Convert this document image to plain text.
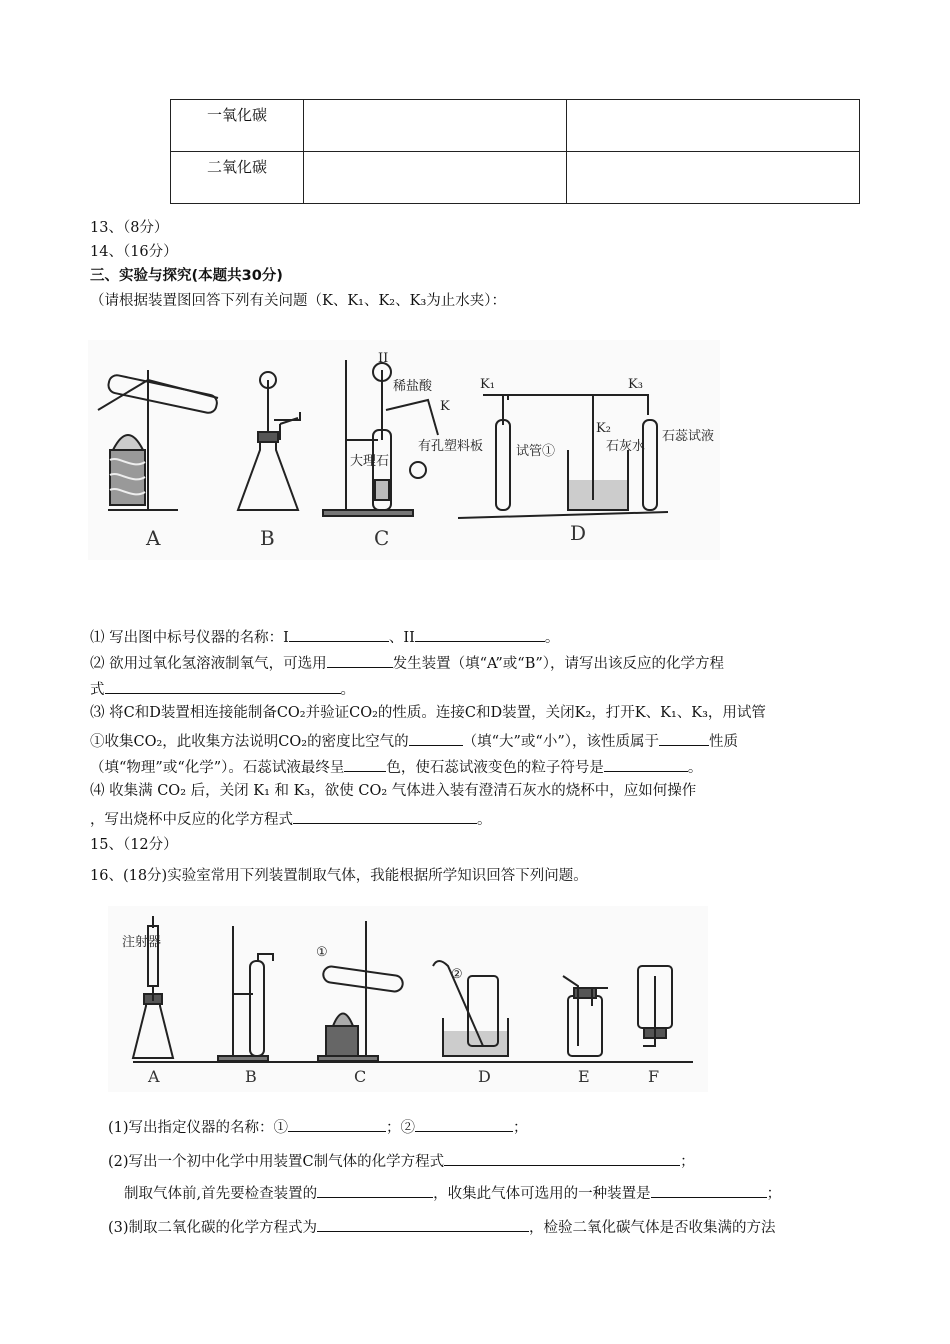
一氧化碳		
二氧化碳		
13、（8分）
14、（16分）
三、实验与探究(本题共30分)
（请根据装置图回答下列有关问题（K、K₁、K₂、K₃为止水夹）：
II
稀盐酸
K
大理石
有孔塑料板
K₁
K₂
K₃
试管①	石灰水
石蕊试液
A	B	C	D
⑴ 写出图中标号仪器的名称：I	、II	。
⑵ 欲用过氧化氢溶液制氧气，可选用	发生装置（填“A”或“B”），请写出该反应的化学方程
式	。
⑶ 将C和D装置相连接能制备CO₂并验证CO₂的性质。连接C和D装置，关闭K₂，打开K、K₁、K₃，用试管
①收集CO₂，此收集方法说明CO₂的密度比空气的	（填“大”或“小”），该性质属于	性质
（填“物理”或“化学”）。石蕊试液最终呈	色，使石蕊试液变色的粒子符号是	。
⑷ 收集满 CO₂ 后，关闭 K₁ 和 K₃，欲使 CO₂ 气体进入装有澄清石灰水的烧杯中，应如何操作
，写出烧杯中反应的化学方程式	。
15、（12分）
16、(18分)实验室常用下列装置制取气体，我能根据所学知识回答下列问题。
注射器
①
②
A	B	C	D	E	F
(1)写出指定仪器的名称：①	；②	；
(2)写出一个初中化学中用装置C制气体的化学方程式	；
制取气体前,首先要检查装置的	，收集此气体可选用的一种装置是	；
(3)制取二氧化碳的化学方程式为	，检验二氧化碳气体是否收集满的方法
